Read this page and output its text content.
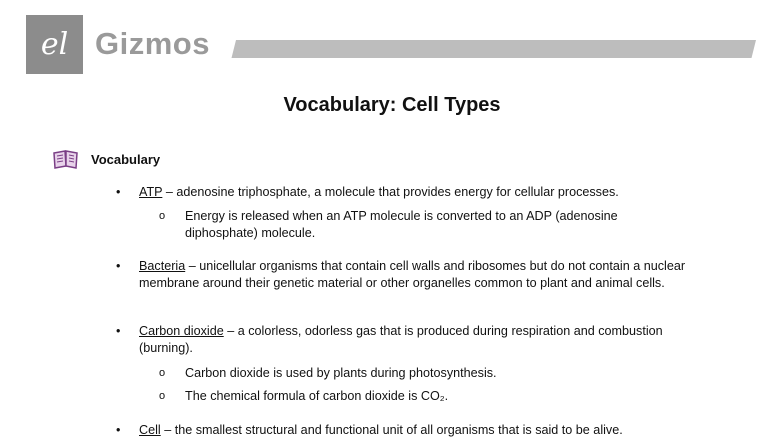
el Gizmos
Vocabulary: Cell Types
Vocabulary
• ATP – adenosine triphosphate, a molecule that provides energy for cellular processes.
o Energy is released when an ATP molecule is converted to an ADP (adenosine diphosphate) molecule.
• Bacteria – unicellular organisms that contain cell walls and ribosomes but do not contain a nuclear membrane around their genetic material or other organelles common to plant and animal cells.
• Carbon dioxide – a colorless, odorless gas that is produced during respiration and combustion (burning).
o Carbon dioxide is used by plants during photosynthesis.
o The chemical formula of carbon dioxide is CO₂.
• Cell – the smallest structural and functional unit of all organisms that is said to be alive.
